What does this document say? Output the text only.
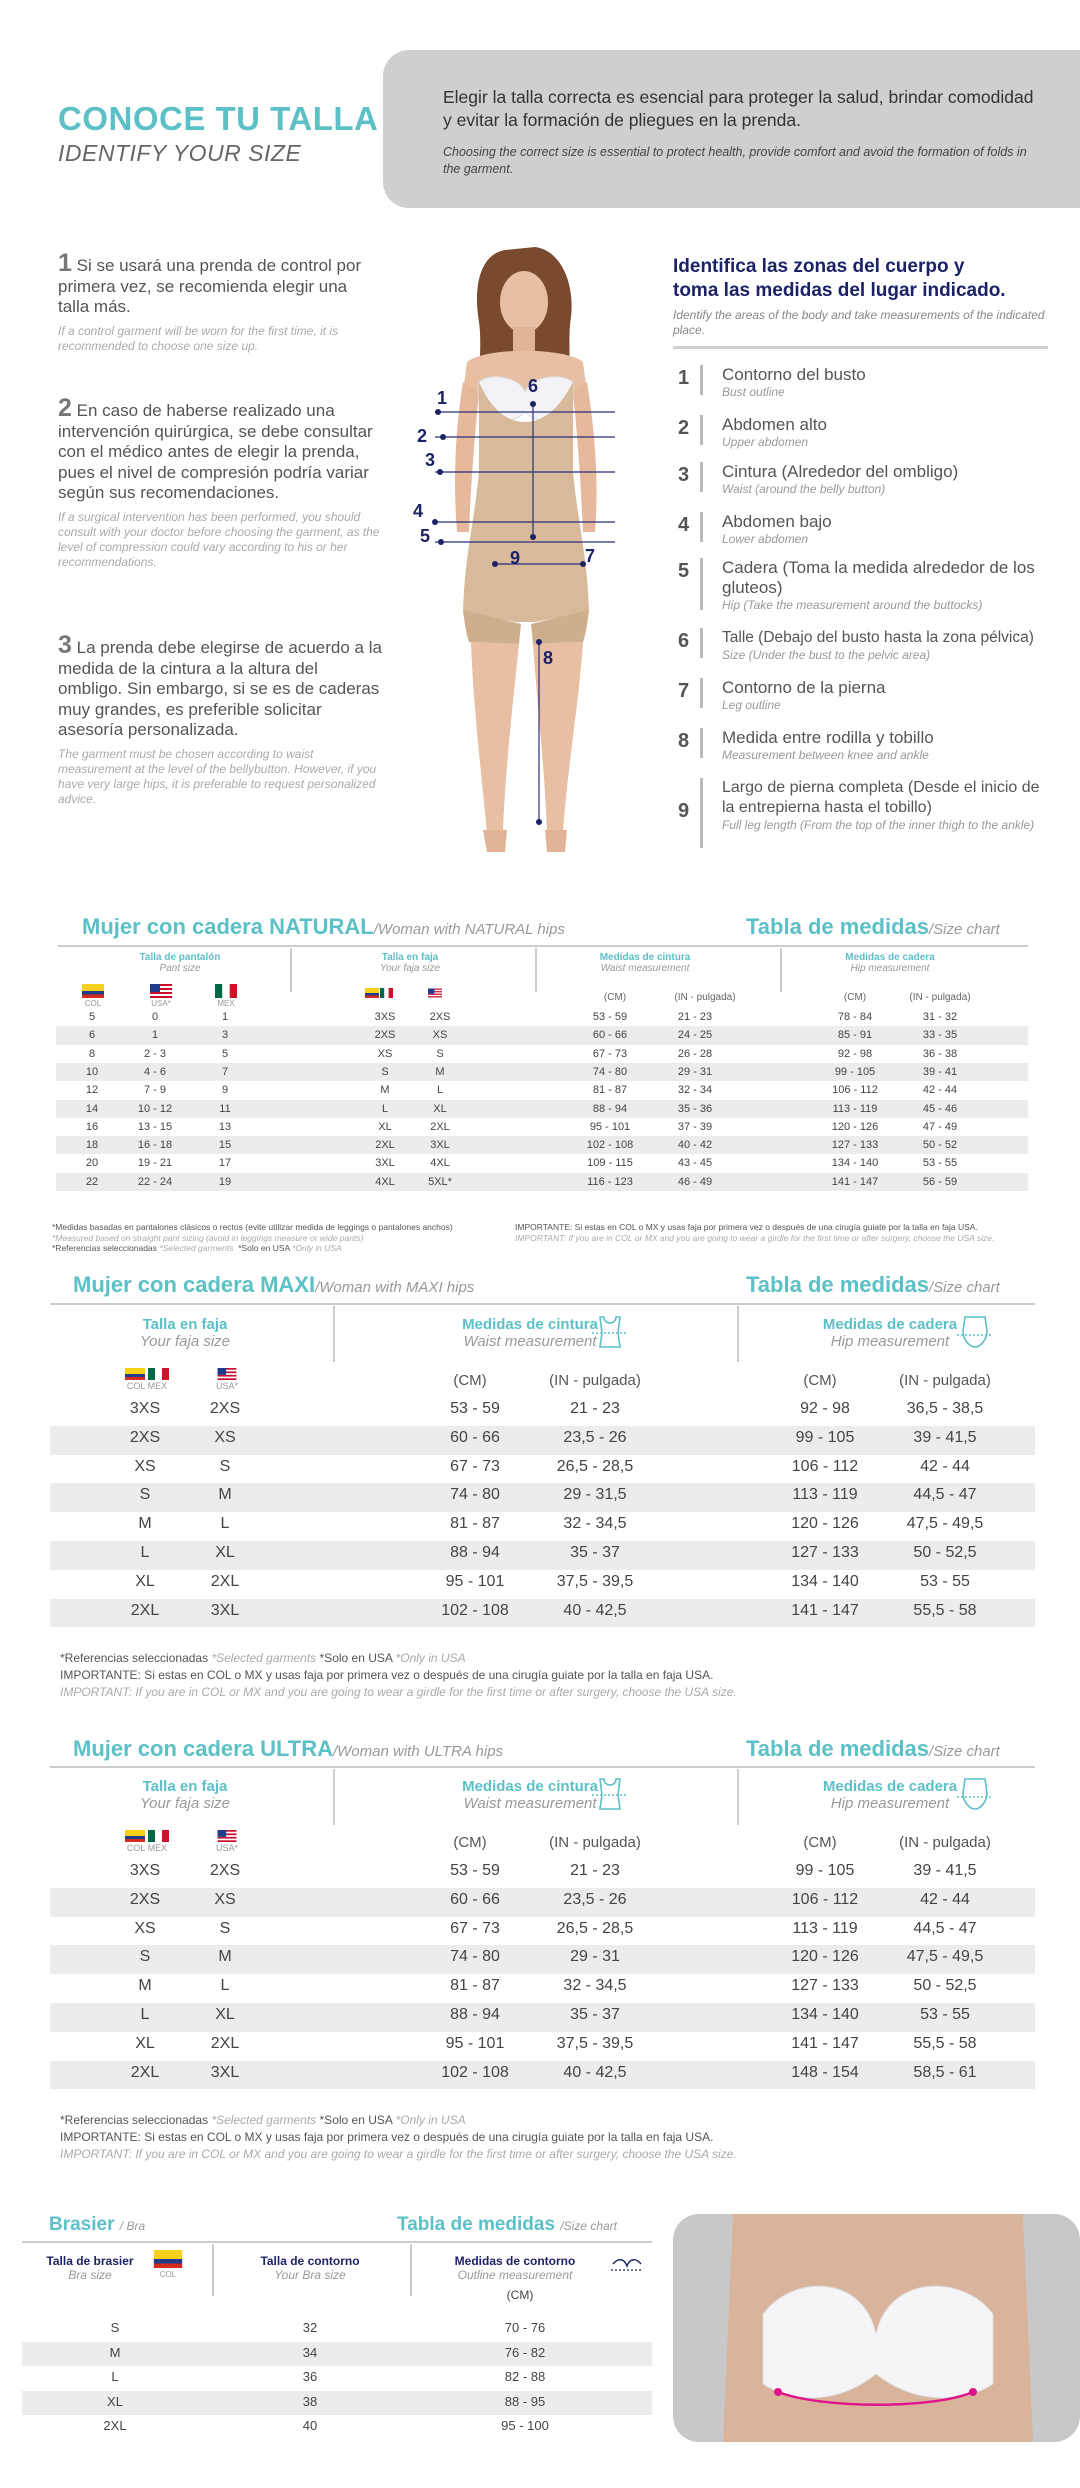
CONOCE TU TALLA
IDENTIFY YOUR SIZE
Elegir la talla correcta es esencial para proteger la salud, brindar comodidad y evitar la formación de pliegues en la prenda.
Choosing the correct size is essential to protect health, provide comfort and avoid the formation of folds in the garment.
1 Si se usará una prenda de control por primera vez, se recomienda elegir una talla más.
If a control garment will be worn for the first time, it is recommended to choose one size up.
2 En caso de haberse realizado una intervención quirúrgica, se debe consultar con el médico antes de elegir la prenda, pues el nivel de compresión podría variar según sus recomendaciones.
If a surgical intervention has been performed, you should consult with your doctor before choosing the garment, as the level of compression could vary according to his or her recommendations.
3 La prenda debe elegirse de acuerdo a la medida de la cintura a la altura del ombligo. Sin embargo, si se es de caderas muy grandes, es preferible solicitar asesoría personalizada.
The garment must be chosen according to waist measurement at the level of the bellybutton. However, if you have very large hips, it is preferable to request personalized advice.
1
2
3
4
5
6
7
8
9
Identifica las zonas del cuerpo y
toma las medidas del lugar indicado.
Identify the areas of the body and take measurements of the indicated place.
1	Contorno del busto
Bust outline
2	Abdomen alto
Upper abdomen
3	Cintura (Alrededor del ombligo)
Waist (around the belly button)
4	Abdomen bajo
Lower abdomen
5	Cadera (Toma la medida alrededor de los gluteos)
Hip (Take the measurement around the buttocks)
6	Talle (Debajo del busto hasta la zona pélvica)
Size (Under the bust to the pelvic area)
7	Contorno de la pierna
Leg outline
8	Medida entre rodilla y tobillo
Measurement between knee and ankle
9
Largo de pierna completa (Desde el inicio de la entrepierna hasta el tobillo)
Full leg length (From the top of the inner thigh to the ankle)
Mujer con cadera NATURAL/Woman with NATURAL hips	Tabla de medidas/Size chart
Talla de pantalón
Pant size
Talla en faja
Your faja size
Medidas de cintura
Waist measurement
Medidas de cadera
Hip measurement
COL	USA*	MEX
(CM)	(IN - pulgada)	(CM)	(IN - pulgada)
5	0	1	3XS	2XS	53 - 59	21 - 23	78 - 84	31 - 32
6	1	3	2XS	XS	60 - 66	24 - 25	85 - 91	33 - 35
8	2 - 3	5	XS	S	67 - 73	26 - 28	92 - 98	36 - 38
10	4 - 6	7	S	M	74 - 80	29 - 31	99 - 105	39 - 41
12	7 - 9	9	M	L	81 - 87	32 - 34	106 - 112	42 - 44
14	10 - 12	11	L	XL	88 - 94	35 - 36	113 - 119	45 - 46
16	13 - 15	13	XL	2XL	95 - 101	37 - 39	120 - 126	47 - 49
18	16 - 18	15	2XL	3XL	102 - 108	40 - 42	127 - 133	50 - 52
20	19 - 21	17	3XL	4XL	109 - 115	43 - 45	134 - 140	53 - 55
22	22 - 24	19	4XL	5XL*	116 - 123	46 - 49	141 - 147	56 - 59
*Medidas basadas en pantalones clásicos o rectos (evite utilizar medida de leggings o pantalones anchos)
*Measured based on straight pant sizing (avoid in leggings measure or wide pants)
*Referencias seleccionadas *Selected garments *Solo en USA *Only in USA
IMPORTANTE: Si estas en COL o MX y usas faja por primera vez o después de una cirugía guiate por la talla en faja USA.
IMPORTANT: If you are in COL or MX and you are going to wear a girdle for the first time or after surgery, choose the USA size.
Mujer con cadera MAXI/Woman with MAXI hips	Tabla de medidas/Size chart
Talla en faja
Your faja size
Medidas de cintura
Waist measurement
Medidas de cadera
Hip measurement
COL MEX	USA*	(CM)	(IN - pulgada)	(CM)	(IN - pulgada)
3XS	2XS	53 - 59	21 - 23	92 - 98	36,5 - 38,5
2XS	XS	60 - 66	23,5 - 26	99 - 105	39 - 41,5
XS	S	67 - 73	26,5 - 28,5	106 - 112	42 - 44
S	M	74 - 80	29 - 31,5	113 - 119	44,5 - 47
M	L	81 - 87	32 - 34,5	120 - 126	47,5 - 49,5
L	XL	88 - 94	35 - 37	127 - 133	50 - 52,5
XL	2XL	95 - 101	37,5 - 39,5	134 - 140	53 - 55
2XL	3XL	102 - 108	40 - 42,5	141 - 147	55,5 - 58
*Referencias seleccionadas *Selected garments *Solo en USA *Only in USA
IMPORTANTE: Si estas en COL o MX y usas faja por primera vez o después de una cirugía guiate por la talla en faja USA.
IMPORTANT: If you are in COL or MX and you are going to wear a girdle for the first time or after surgery, choose the USA size.
Mujer con cadera ULTRA/Woman with ULTRA hips	Tabla de medidas/Size chart
Talla en faja
Your faja size
Medidas de cintura
Waist measurement
Medidas de cadera
Hip measurement
COL MEX	USA*	(CM)	(IN - pulgada)	(CM)	(IN - pulgada)
3XS	2XS	53 - 59	21 - 23	99 - 105	39 - 41,5
2XS	XS	60 - 66	23,5 - 26	106 - 112	42 - 44
XS	S	67 - 73	26,5 - 28,5	113 - 119	44,5 - 47
S	M	74 - 80	29 - 31	120 - 126	47,5 - 49,5
M	L	81 - 87	32 - 34,5	127 - 133	50 - 52,5
L	XL	88 - 94	35 - 37	134 - 140	53 - 55
XL	2XL	95 - 101	37,5 - 39,5	141 - 147	55,5 - 58
2XL	3XL	102 - 108	40 - 42,5	148 - 154	58,5 - 61
*Referencias seleccionadas *Selected garments *Solo en USA *Only in USA
IMPORTANTE: Si estas en COL o MX y usas faja por primera vez o después de una cirugía guiate por la talla en faja USA.
IMPORTANT: If you are in COL or MX and you are going to wear a girdle for the first time or after surgery, choose the USA size.
Brasier / Bra	Tabla de medidas /Size chart
Talla de brasier
Bra size	COL
Talla de contorno
Your Bra size
Medidas de contorno
Outline measurement
(CM)
S	32	70 - 76
M	34	76 - 82
L	36	82 - 88
XL	38	88 - 95
2XL	40	95 - 100
